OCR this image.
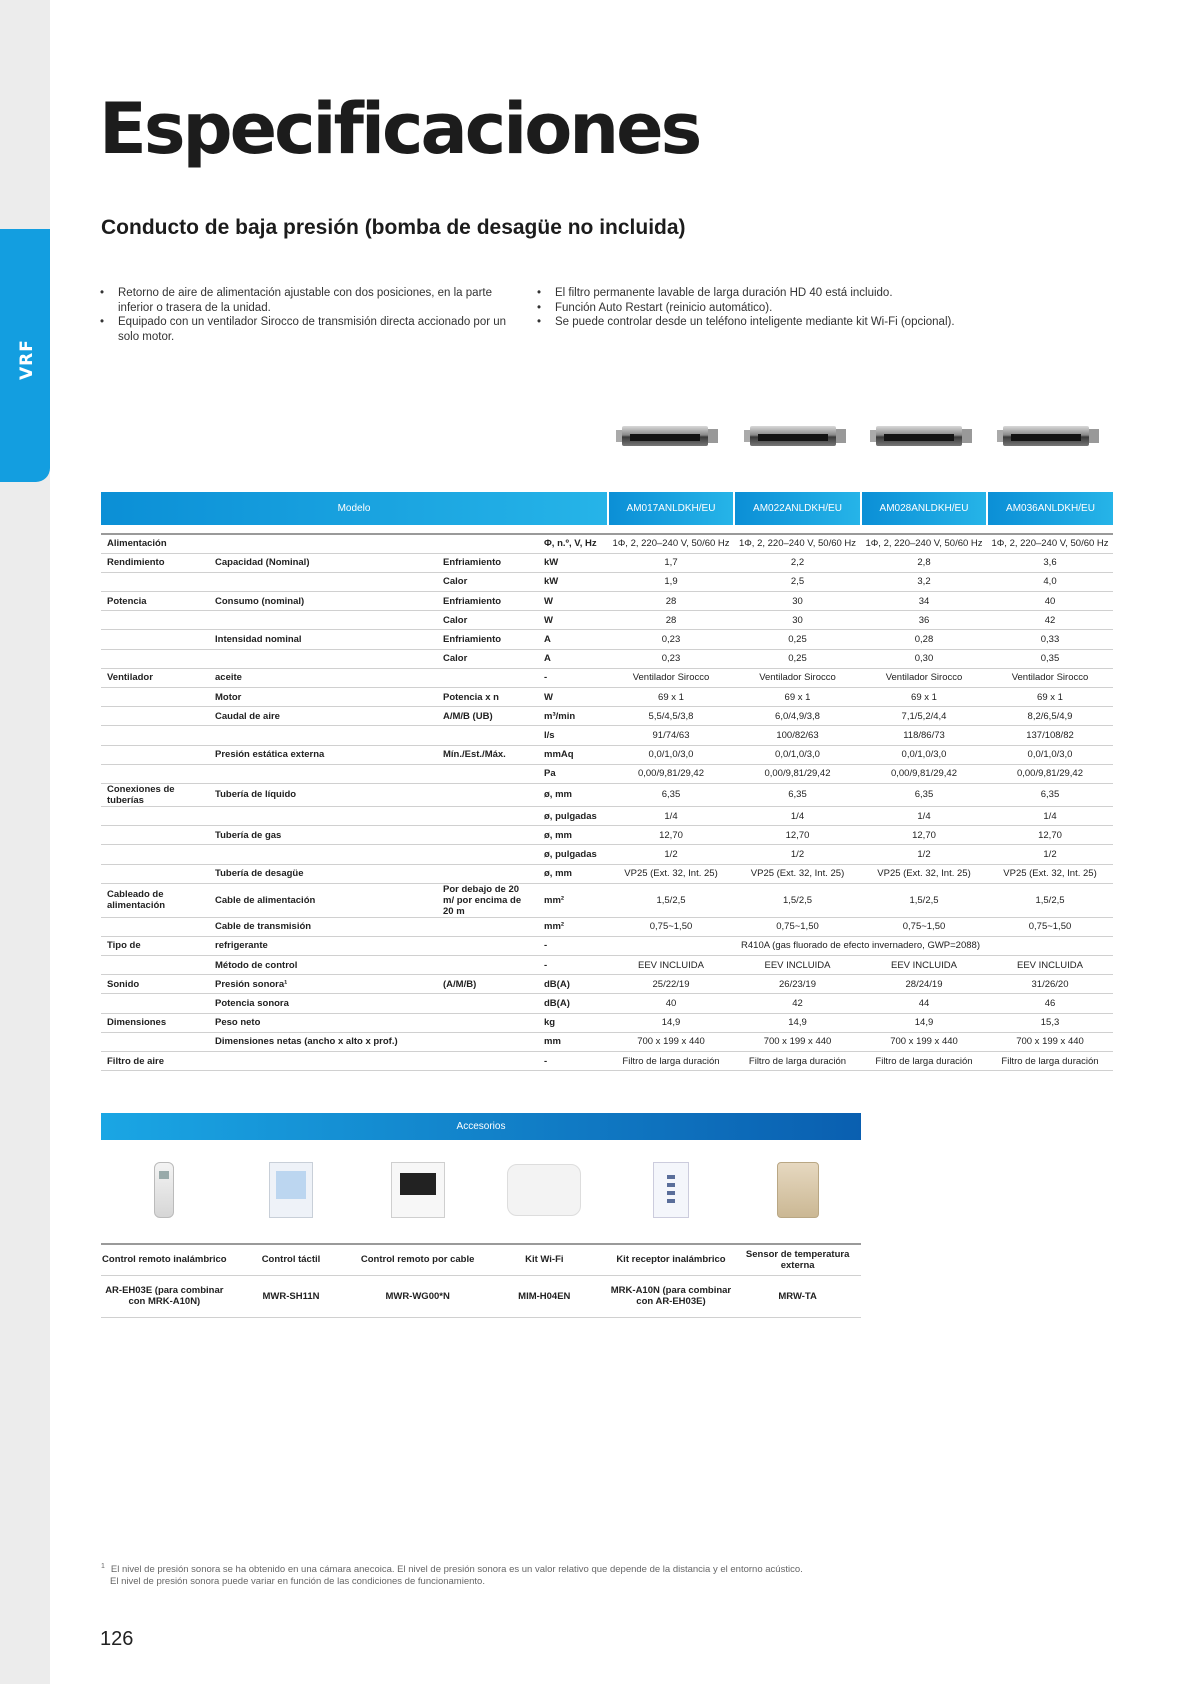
VRF
Especificaciones
Conducto de baja presión (bomba de desagüe no incluida)
• Retorno de aire de alimentación ajustable con dos posiciones, en la parte inferior o trasera de la unidad.
• Equipado con un ventilador Sirocco de transmisión directa accionado por un solo motor.
• El filtro permanente lavable de larga duración HD 40 está incluido.
• Función Auto Restart (reinicio automático).
• Se puede controlar desde un teléfono inteligente mediante kit Wi-Fi (opcional).
Modelo				AM017ANLDKH/EU	AM022ANLDKH/EU	AM028ANLDKH/EU	AM036ANLDKH/EU

Alimentación			Φ, n.º, V, Hz	1Φ, 2, 220–240 V, 50/60 Hz	1Φ, 2, 220–240 V, 50/60 Hz	1Φ, 2, 220–240 V, 50/60 Hz	1Φ, 2, 220–240 V, 50/60 Hz
Rendimiento	Capacidad (Nominal)	Enfriamiento	kW	1,7	2,2	2,8	3,6
		Calor	kW	1,9	2,5	3,2	4,0
Potencia	Consumo (nominal)	Enfriamiento	W	28	30	34	40
		Calor	W	28	30	36	42
	Intensidad nominal	Enfriamiento	A	0,23	0,25	0,28	0,33
		Calor	A	0,23	0,25	0,30	0,35
Ventilador	aceite		-	Ventilador Sirocco	Ventilador Sirocco	Ventilador Sirocco	Ventilador Sirocco
	Motor	Potencia x n	W	69 x 1	69 x 1	69 x 1	69 x 1
	Caudal de aire	A/M/B (UB)	m³/min	5,5/4,5/3,8	6,0/4,9/3,8	7,1/5,2/4,4	8,2/6,5/4,9
			l/s	91/74/63	100/82/63	118/86/73	137/108/82
	Presión estática externa	Mín./Est./Máx.	mmAq	0,0/1,0/3,0	0,0/1,0/3,0	0,0/1,0/3,0	0,0/1,0/3,0
			Pa	0,00/9,81/29,42	0,00/9,81/29,42	0,00/9,81/29,42	0,00/9,81/29,42
Conexiones de tuberías	Tubería de líquido		ø, mm	6,35	6,35	6,35	6,35
			ø, pulgadas	1/4	1/4	1/4	1/4
	Tubería de gas		ø, mm	12,70	12,70	12,70	12,70
			ø, pulgadas	1/2	1/2	1/2	1/2
	Tubería de desagüe		ø, mm	VP25 (Ext. 32, Int. 25)	VP25 (Ext. 32, Int. 25)	VP25 (Ext. 32, Int. 25)	VP25 (Ext. 32, Int. 25)
Cableado de alimentación	Cable de alimentación	Por debajo de 20 m/ por encima de 20 m	mm²	1,5/2,5	1,5/2,5	1,5/2,5	1,5/2,5
	Cable de transmisión		mm²	0,75~1,50	0,75~1,50	0,75~1,50	0,75~1,50
Tipo de	refrigerante		-	R410A (gas fluorado de efecto invernadero, GWP=2088)			
	Método de control		-	EEV INCLUIDA	EEV INCLUIDA	EEV INCLUIDA	EEV INCLUIDA
Sonido	Presión sonora¹	(A/M/B)	dB(A)	25/22/19	26/23/19	28/24/19	31/26/20
	Potencia sonora		dB(A)	40	42	44	46
Dimensiones	Peso neto		kg	14,9	14,9	14,9	15,3
	Dimensiones netas (ancho x alto x prof.)		mm	700 x 199 x 440	700 x 199 x 440	700 x 199 x 440	700 x 199 x 440
Filtro de aire			-	Filtro de larga duración	Filtro de larga duración	Filtro de larga duración	Filtro de larga duración
Accesorios					

Control remoto inalámbrico	Control táctil	Control remoto por cable	Kit Wi-Fi	Kit receptor inalámbrico	Sensor de temperatura externa
AR-EH03E (para combinar con MRK-A10N)	MWR-SH11N	MWR-WG00*N	MIM-H04EN	MRK-A10N (para combinar con AR-EH03E)	MRW-TA
$^1$ El nivel de presión sonora se ha obtenido en una cámara anecoica. El nivel de presión sonora es un valor relativo que depende de la distancia y el entorno acústico.
El nivel de presión sonora puede variar en función de las condiciones de funcionamiento.
126
